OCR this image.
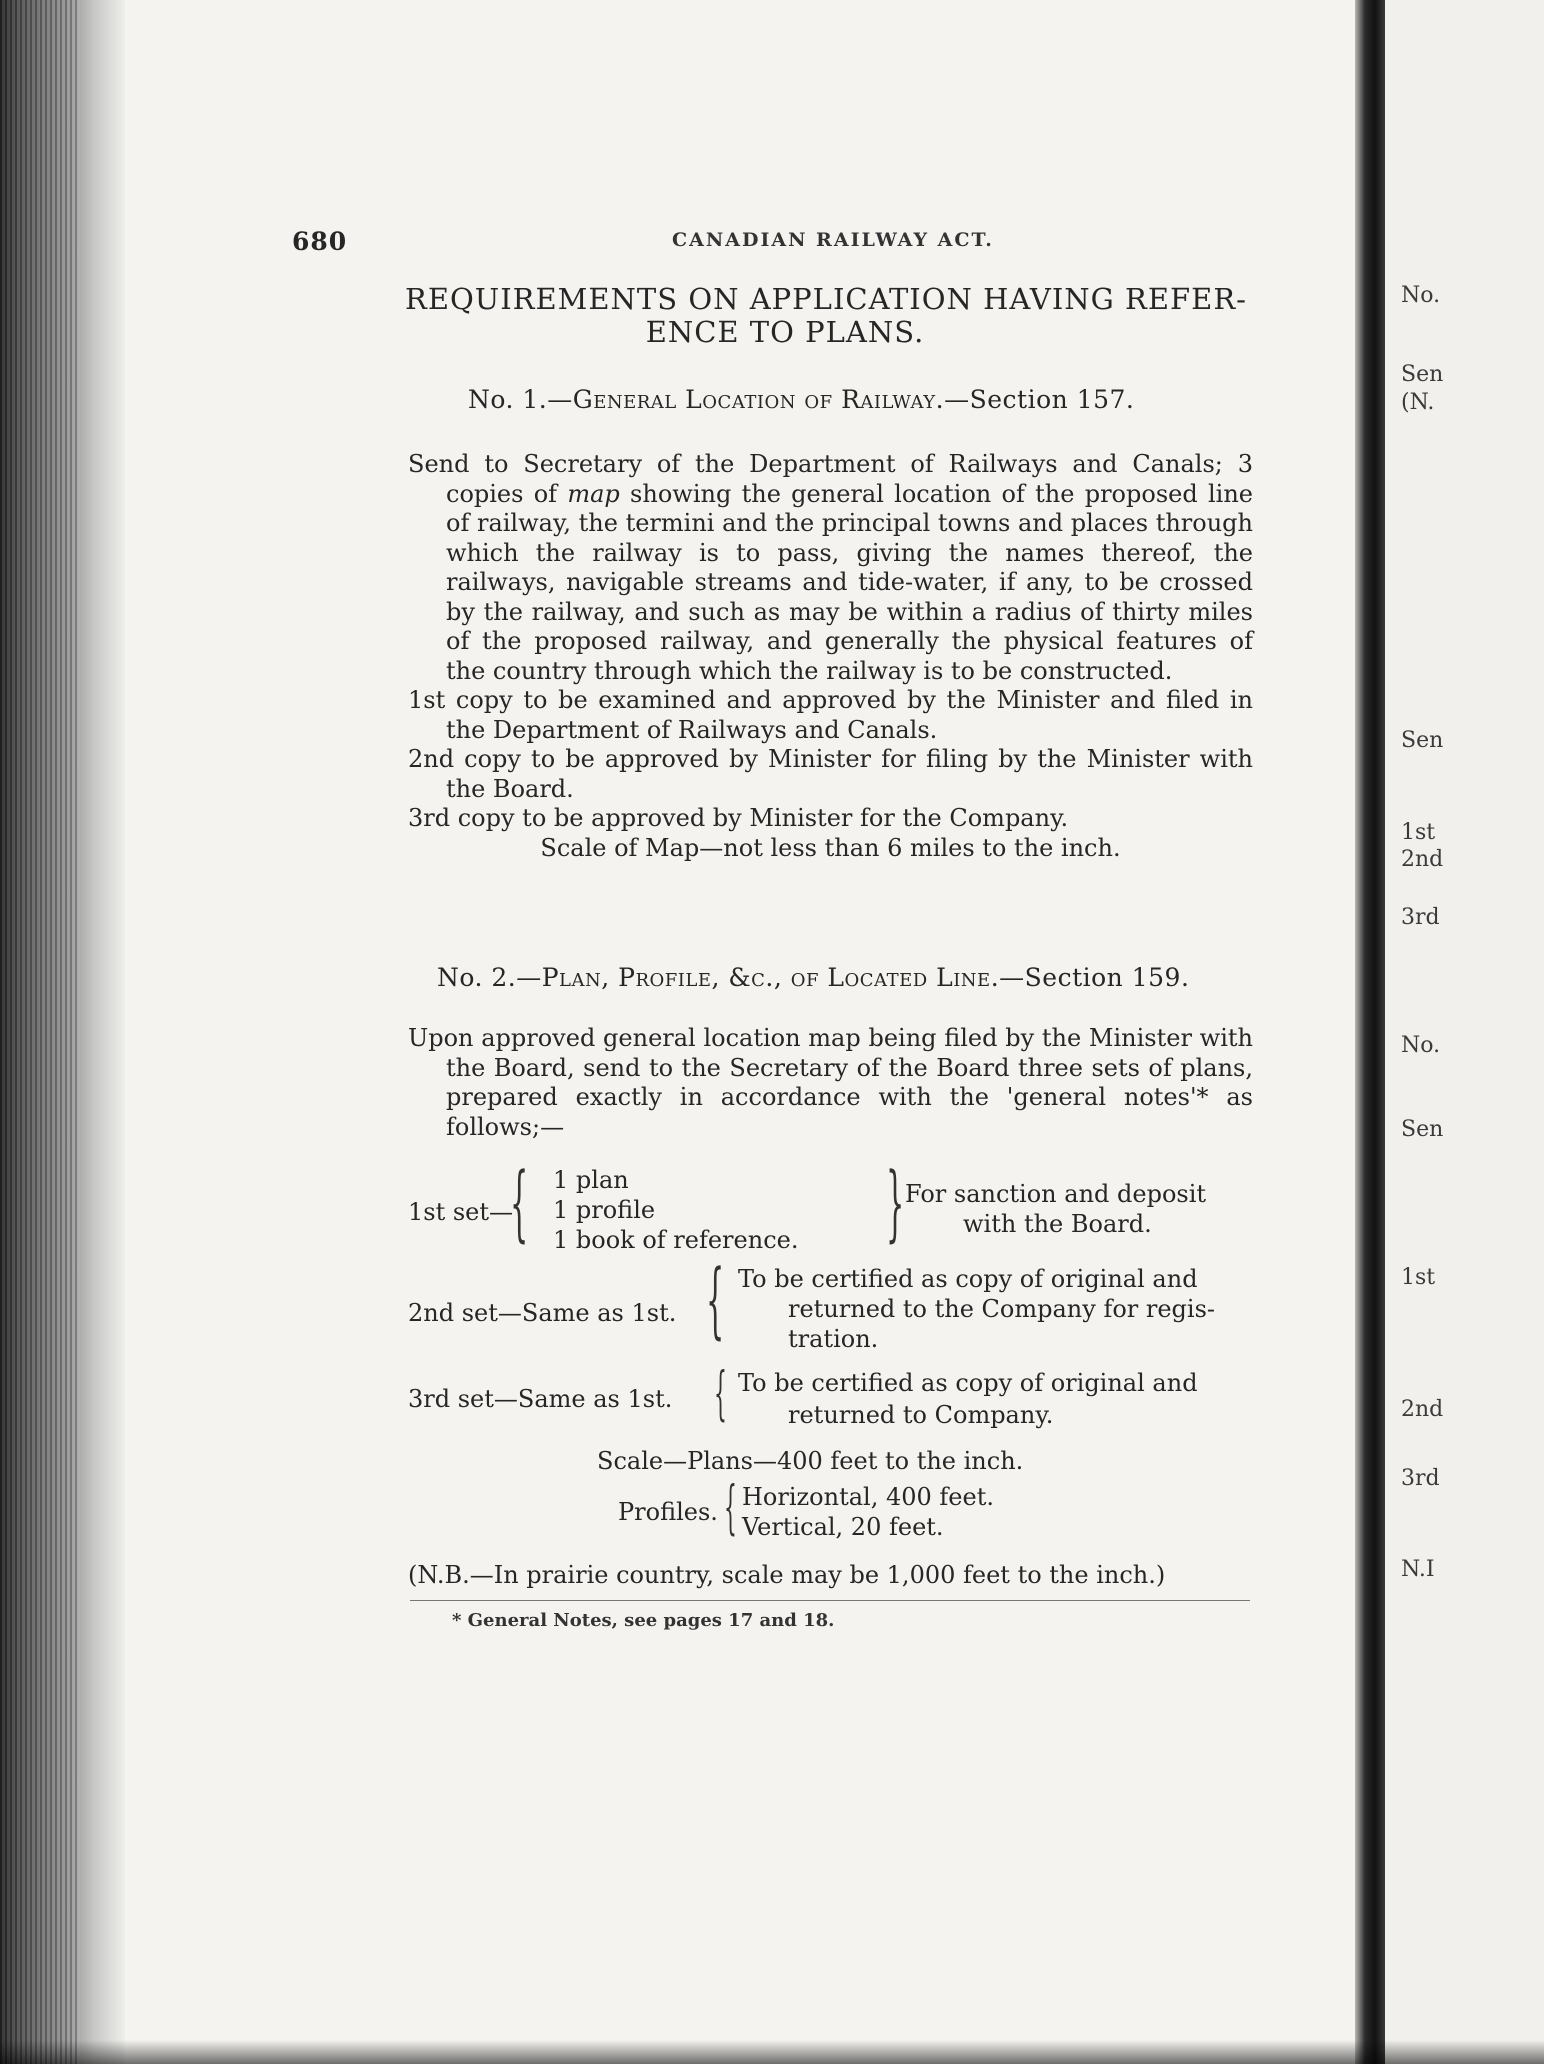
No.
Sen
(N.
Sen
1st
2nd
3rd
No.
Sen
1st
2nd
3rd
N.I
680	CANADIAN RAILWAY ACT.
REQUIREMENTS ON APPLICATION HAVING REFER-
ENCE TO PLANS.
No. 1.—General Location of Railway.—Section 157.

Send to Secretary of the Department of Railways and Canals; 3 copies of map showing the general location of the proposed line of railway, the termini and the principal towns and places through which the railway is to pass, giving the names thereof, the railways, navigable streams and tide-water, if any, to be crossed by the railway, and such as may be within a radius of thirty miles of the proposed railway, and generally the physical features of the country through which the railway is to be constructed.

1st copy to be examined and approved by the Minister and filed in the Department of Railways and Canals.

2nd copy to be approved by Minister for filing by the Minister with the Board.

3rd copy to be approved by Minister for the Company.

Scale of Map—not less than 6 miles to the inch.

No. 2.—Plan, Profile, &c., of Located Line.—Section 159.

Upon approved general location map being filed by the Minister with the Board, send to the Secretary of the Board three sets of plans, prepared exactly in accordance with the 'general notes'* as follows;—

1st set—
{ 1 plan
1 profile
1 book of reference. } For sanction and deposit
with the Board.
2nd set—Same as 1st. { To be certified as copy of original and
returned to the Company for regis-
tration.
3rd set—Same as 1st. { To be certified as copy of original and
returned to Company.
Scale—Plans—400 feet to the inch.
Profiles. { Horizontal, 400 feet.
Vertical, 20 feet.
(N.B.—In prairie country, scale may be 1,000 feet to the inch.)
* General Notes, see pages 17 and 18.
